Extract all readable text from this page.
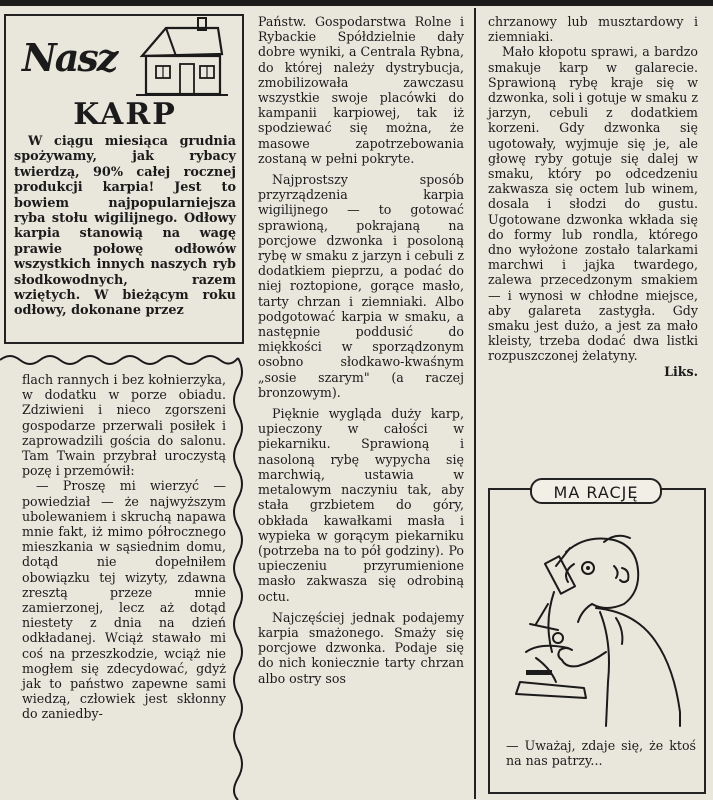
Nasz
KARP

W ciągu miesiąca grudnia spożywamy, jak rybacy twierdzą, 90% całej rocznej produkcji karpia! Jest to bowiem najpopularniejsza ryba stołu wigilijnego. Odłowy karpia stanowią na wagę prawie połowę odłowów wszystkich innych naszych ryb słodkowodnych, razem wziętych. W bieżącym roku odłowy, dokonane przez

flach rannych i bez kołnierzyka, w dodatku w porze obiadu. Zdziwieni i nieco zgorszeni gospodarze przerwali posiłek i zaprowadzili gościa do salonu. Tam Twain przybrał uroczystą pozę i przemówił:

— Proszę mi wierzyć — powiedział — że najwyższym ubolewaniem i skruchą napawa mnie fakt, iż mimo półrocznego mieszkania w sąsiednim domu, dotąd nie dopełniłem obowiązku tej wizyty, zdawna zresztą przeze mnie zamierzonej, lecz aż dotąd niestety z dnia na dzień odkładanej. Wciąż stawało mi coś na przeszkodzie, wciąż nie mogłem się zdecydować, gdyż jak to państwo zapewne sami wiedzą, człowiek jest skłonny do zaniedby-

Państw. Gospodarstwa Rolne i Rybackie Spółdzielnie dały dobre wyniki, a Centrala Rybna, do której należy dystrybucja, zmobilizowała zawczasu wszystkie swoje placówki do kampanii karpiowej, tak iż spodziewać się można, że masowe zapotrzebowania zostaną w pełni pokryte.

Najprostszy sposób przyrządzenia karpia wigilijnego — to gotować sprawioną, pokrajaną na porcjowe dzwonka i posoloną rybę w smaku z jarzyn i cebuli z dodatkiem pieprzu, a podać do niej roztopione, gorące masło, tarty chrzan i ziemniaki. Albo podgotować karpia w smaku, a następnie poddusić do miękkości w sporządzonym osobno słodkawo-kwaśnym „sosie szarym" (a raczej bronzowym).

Pięknie wygląda duży karp, upieczony w całości w piekarniku. Sprawioną i nasoloną rybę wypycha się marchwią, ustawia w metalowym naczyniu tak, aby stała grzbietem do góry, obkłada kawałkami masła i wypieka w gorącym piekarniku (potrzeba na to pół godziny). Po upieczeniu przyrumienione masło zakwasza się odrobiną octu.

Najczęściej jednak podajemy karpia smażonego. Smaży się porcjowe dzwonka. Podaje się do nich koniecznie tarty chrzan albo ostry sos

chrzanowy lub musztardowy i ziemniaki.

Mało kłopotu sprawi, a bardzo smakuje karp w galarecie. Sprawioną rybę kraje się w dzwonka, soli i gotuje w smaku z jarzyn, cebuli z dodatkiem korzeni. Gdy dzwonka się ugotowały, wyjmuje się je, ale głowę ryby gotuje się dalej w smaku, który po odcedzeniu zakwasza się octem lub winem, dosala i słodzi do gustu. Ugotowane dzwonka wkłada się do formy lub rondla, którego dno wyłożone zostało talarkami marchwi i jajka twardego, zalewa przecedzonym smakiem — i wynosi w chłodne miejsce, aby galareta zastygła. Gdy smaku jest dużo, a jest za mało kleisty, trzeba dodać dwa listki rozpuszczonej żelatyny.

Liks.

MA RACJĘ
— Uważaj, zdaje się, że ktoś na nas patrzy...
